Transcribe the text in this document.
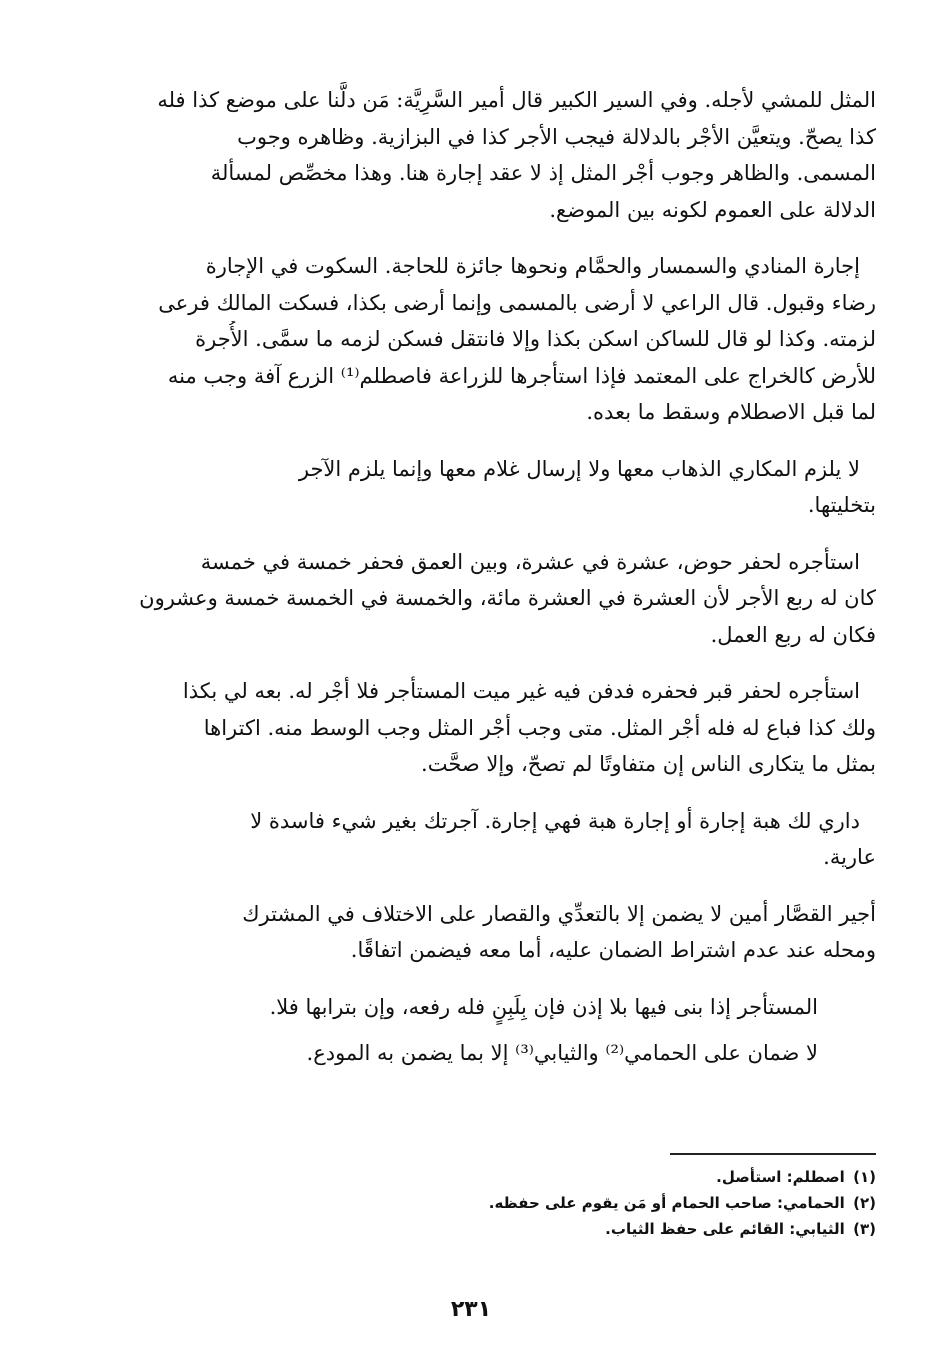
المثل للمشي لأجله. وفي السير الكبير قال أمير السَّرِيَّة: مَن دلَّنا على موضع كذا فله
كذا يصحّ. ويتعيَّن الأجْر بالدلالة فيجب الأجر كذا في البزازية. وظاهره وجوب
المسمى. والظاهر وجوب أجْر المثل إذ لا عقد إجارة هنا. وهذا مخصِّص لمسألة
الدلالة على العموم لكونه بين الموضع.
إجارة المنادي والسمسار والحمَّام ونحوها جائزة للحاجة. السكوت في الإجارة
رضاء وقبول. قال الراعي لا أرضى بالمسمى وإنما أرضى بكذا، فسكت المالك فرعى
لزمته. وكذا لو قال للساكن اسكن بكذا وإلا فانتقل فسكن لزمه ما سمَّى. الأُجرة
للأرض كالخراج على المعتمد فإذا استأجرها للزراعة فاصطلم⁽¹⁾ الزرع آفة وجب منه
لما قبل الاصطلام وسقط ما بعده.
لا يلزم المكاري الذهاب معها ولا إرسال غلام معها وإنما يلزم الآجر
بتخليتها.
استأجره لحفر حوض، عشرة في عشرة، وبين العمق فحفر خمسة في خمسة
كان له ربع الأجر لأن العشرة في العشرة مائة، والخمسة في الخمسة خمسة وعشرون
فكان له ربع العمل.
استأجره لحفر قبر فحفره فدفن فيه غير ميت المستأجر فلا أجْر له. بعه لي بكذا
ولك كذا فباع له فله أجْر المثل. متى وجب أجْر المثل وجب الوسط منه. اكتراها
بمثل ما يتكارى الناس إن متفاوتًا لم تصحّ، وإلا صحَّت.
داري لك هبة إجارة أو إجارة هبة فهي إجارة. آجرتك بغير شيء فاسدة لا
عارية.
أجير القصَّار أمين لا يضمن إلا بالتعدِّي والقصار على الاختلاف في المشترك
ومحله عند عدم اشتراط الضمان عليه، أما معه فيضمن اتفاقًا.
المستأجر إذا بنى فيها بلا إذن فإن بِلَبِنٍ فله رفعه، وإن بترابها فلا.
لا ضمان على الحمامي⁽²⁾ والثيابي⁽³⁾ إلا بما يضمن به المودع.
(١) اصطلم: استأصل.
(٢) الحمامي: صاحب الحمام أو مَن يقوم على حفظه.
(٣) الثيابي: القائم على حفظ الثياب.
٢٣١
